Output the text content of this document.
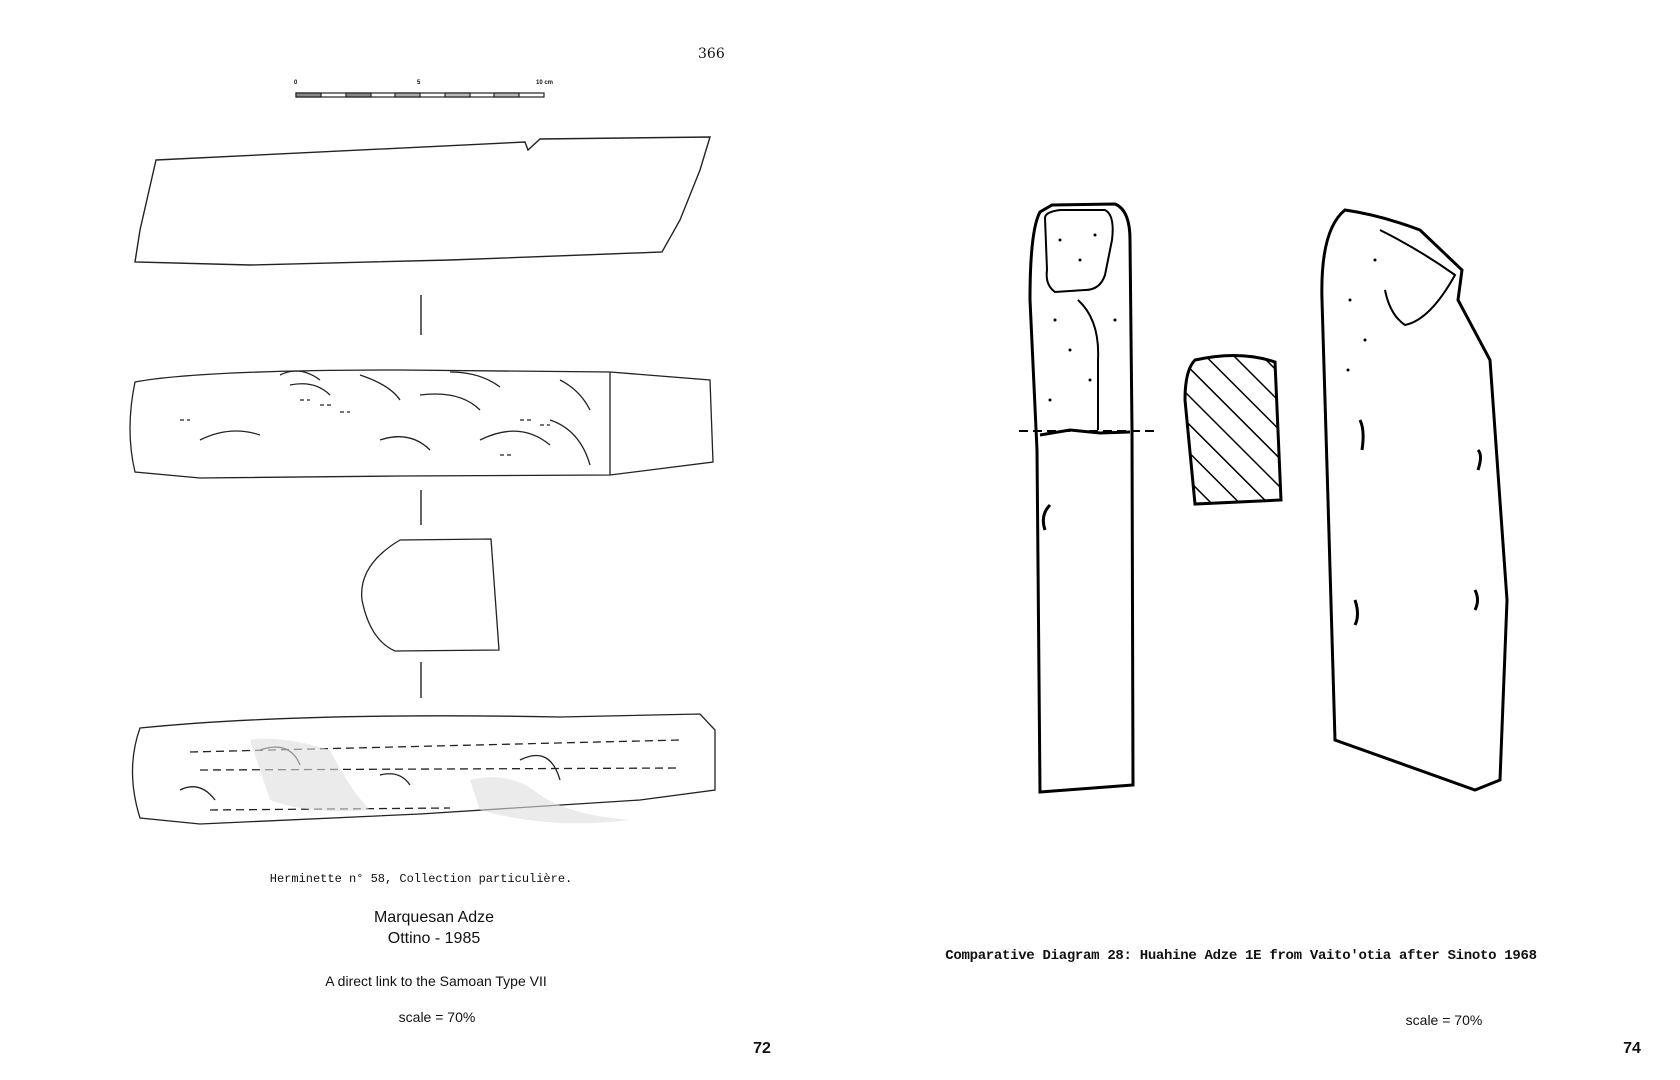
366
0	5	10 cm
Herminette n° 58, Collection particulière.
Marquesan Adze
Ottino - 1985
A direct link to the Samoan Type VII
scale = 70%
72
Comparative Diagram 28: Huahine Adze 1E from Vaito'otia after Sinoto 1968
scale = 70%
74
